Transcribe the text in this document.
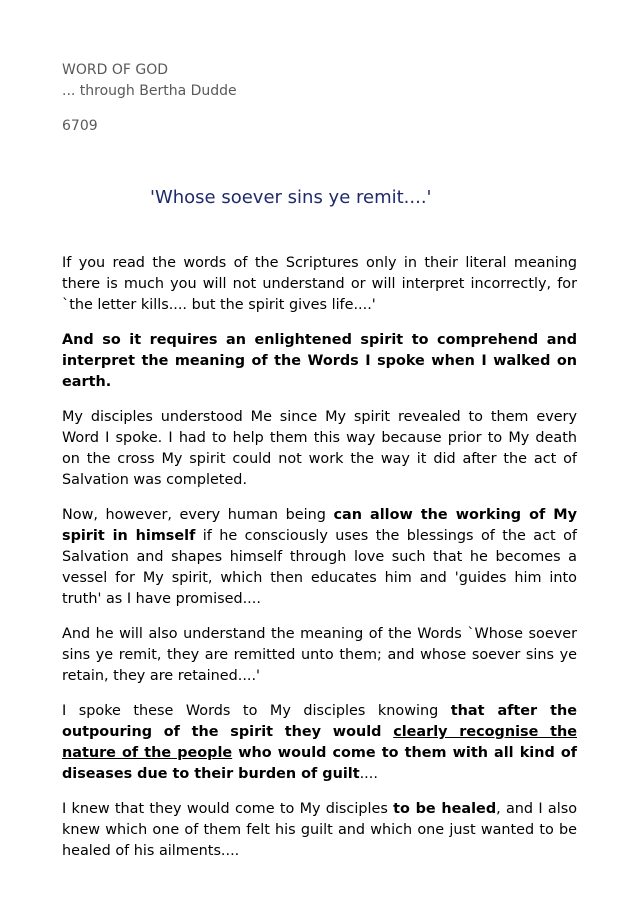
WORD OF GOD

... through Bertha Dudde

6709

'Whose soever sins ye remit....'

If you read the words of the Scriptures only in their literal meaning there is much you will not understand or will interpret incorrectly, for `the letter kills.... but the spirit gives life....'

And so it requires an enlightened spirit to comprehend and interpret the meaning of the Words I spoke when I walked on earth.

My disciples understood Me since My spirit revealed to them every Word I spoke. I had to help them this way because prior to My death on the cross My spirit could not work the way it did after the act of Salvation was completed.

Now, however, every human being can allow the working of My spirit in himself if he consciously uses the blessings of the act of Salvation and shapes himself through love such that he becomes a vessel for My spirit, which then educates him and 'guides him into truth' as I have promised....

And he will also understand the meaning of the Words `Whose soever sins ye remit, they are remitted unto them; and whose soever sins ye retain, they are retained....'

I spoke these Words to My disciples knowing that after the outpouring of the spirit they would clearly recognise the nature of the people who would come to them with all kind of diseases due to their burden of guilt....

I knew that they would come to My disciples to be healed, and I also knew which one of them felt his guilt and which one just wanted to be healed of his ailments....
